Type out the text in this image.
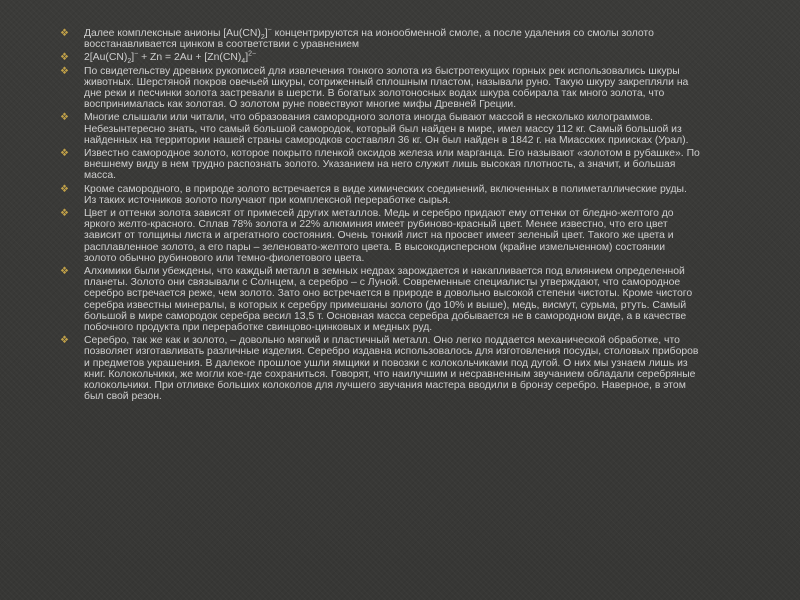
❖ Далее комплексные анионы $[Au(CN)_2]^-$ концентрируются на ионообменной смоле, а после удаления со смолы золото восстанавливается цинком в соответствии с уравнением
❖ $2[Au(CN)_2]^- + Zn = 2Au + [Zn(CN)_4]^{2-}$
❖ По свидетельству древних рукописей для извлечения тонкого золота из быстротекущих горных рек использовались шкуры животных. Шерстяной покров овечьей шкуры, сотриженный сплошным пластом, называли руно. Такую шкуру закрепляли на дне реки и песчинки золота застревали в шерсти. В богатых золотоносных водах шкура собирала так много золота, что воспринималась как золотая. О золотом руне повествуют многие мифы Древней Греции.
❖ Многие слышали или читали, что образования самородного золота иногда бывают массой в несколько килограммов. Небезынтересно знать, что самый большой самородок, который был найден в мире, имел массу 112 кг. Самый большой из найденных на территории нашей страны самородков составлял 36 кг. Он был найден в 1842 г. на Миасских приисках (Урал).
❖ Известно самородное золото, которое покрыто пленкой оксидов железа или марганца. Его называют «золотом в рубашке». По внешнему виду в нем трудно распознать золото. Указанием на него служит лишь высокая плотность, а значит, и большая масса.
❖ Кроме самородного, в природе золото встречается в виде химических соединений, включенных в полиметаллические руды. Из таких источников золото получают при комплексной переработке сырья.
❖ Цвет и оттенки золота зависят от примесей других металлов. Медь и серебро придают ему оттенки от бледно-желтого до яркого желто-красного. Сплав 78% золота и 22% алюминия имеет рубиново-красный цвет. Менее известно, что его цвет зависит от толщины листа и агрегатного состояния. Очень тонкий лист на просвет имеет зеленый цвет. Такого же цвета и расплавленное золото, а его пары – зеленовато-желтого цвета. В высокодисперсном (крайне измельченном) состоянии золото обычно рубинового или темно-фиолетового цвета.
❖ Алхимики были убеждены, что каждый металл в земных недрах зарождается и накапливается под влиянием определенной планеты. Золото они связывали с Солнцем, а серебро – с Луной. Современные специалисты утверждают, что самородное серебро встречается реже, чем золото. Зато оно встречается в природе в довольно высокой степени чистоты. Кроме чистого серебра известны минералы, в которых к серебру примешаны золото (до 10% и выше), медь, висмут, сурьма, ртуть. Самый большой в мире самородок серебра весил 13,5 т. Основная масса серебра добывается не в самородном виде, а в качестве побочного продукта при переработке свинцово-цинковых и медных руд.
❖ Серебро, так же как и золото, – довольно мягкий и пластичный металл. Оно легко поддается механической обработке, что позволяет изготавливать различные изделия. Серебро издавна использовалось для изготовления посуды, столовых приборов и предметов украшения. В далекое прошлое ушли ямщики и повозки с колокольчиками под дугой. О них мы узнаем лишь из книг. Колокольчики, же могли кое-где сохраниться. Говорят, что наилучшим и несравненным звучанием обладали серебряные колокольчики. При отливке больших колоколов для лучшего звучания мастера вводили в бронзу серебро. Наверное, в этом был свой резон.
